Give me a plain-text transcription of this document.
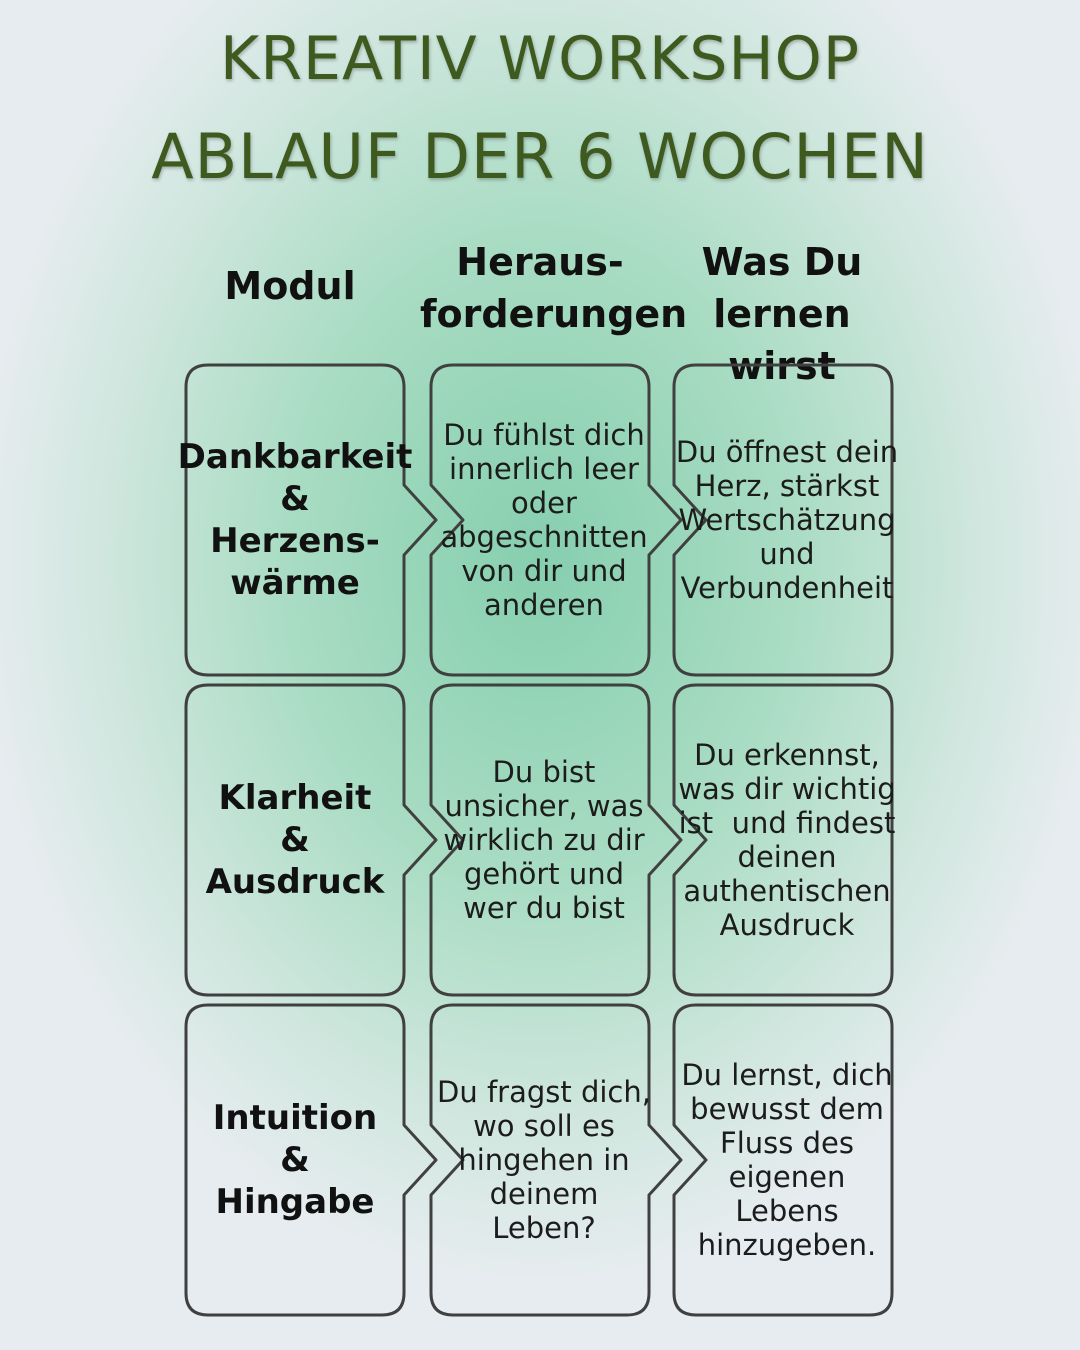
KREATIV WORKSHOP
ABLAUF DER 6 WOCHEN
Modul
Heraus-
forderungen
Was Du
lernen wirst
Dankbarkeit
&
Herzens-
wärme
Du fühlst dich
innerlich leer
oder
abgeschnitten
von dir und
anderen
Du öffnest dein
Herz, stärkst
Wertschätzung
und
Verbundenheit
Klarheit
&
Ausdruck
Du bist
unsicher, was
wirklich zu dir
gehört und
wer du bist
Du erkennst,
was dir wichtig
ist  und findest
deinen
authentischen
Ausdruck
Intuition
&
Hingabe
Du fragst dich,
wo soll es
hingehen in
deinem
Leben?
Du lernst, dich
bewusst dem
Fluss des
eigenen
Lebens
hinzugeben.
